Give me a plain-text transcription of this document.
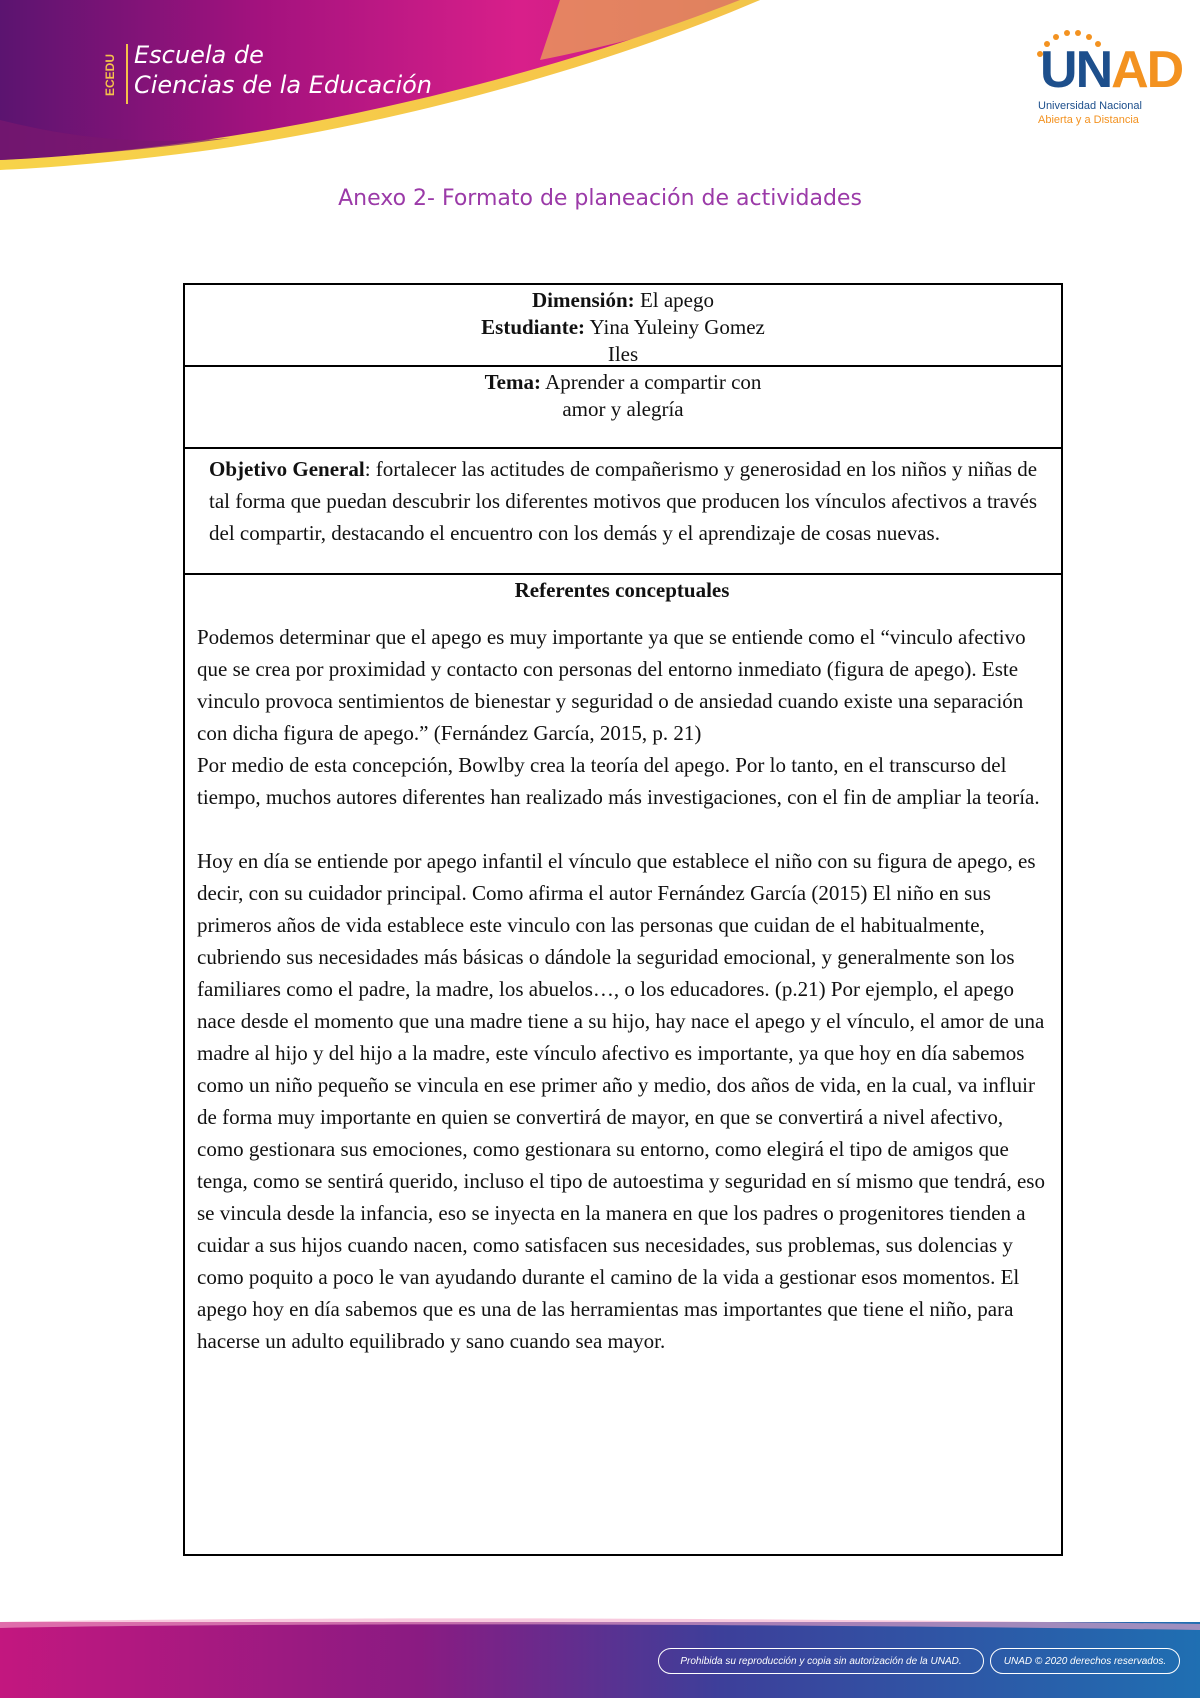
ECEDU Escuela de
Ciencias de la Educación	UNAD
Universidad Nacional
Abierta y a Distancia
Anexo 2- Formato de planeación de actividades
Dimensión: El apego
Estudiante: Yina Yuleiny Gomez
Iles
Tema: Aprender a compartir con
amor y alegría

Objetivo General: fortalecer las actitudes de compañerismo y generosidad en los niños y niñas de tal forma que puedan descubrir los diferentes motivos que producen los vínculos afectivos a través del compartir, destacando el encuentro con los demás y el aprendizaje de cosas nuevas.

Referentes conceptuales

Podemos determinar que el apego es muy importante ya que se entiende como el “vinculo afectivo que se crea por proximidad y contacto con personas del entorno inmediato (figura de apego). Este vinculo provoca sentimientos de bienestar y seguridad o de ansiedad cuando existe una separación con dicha figura de apego.” (Fernández García, 2015, p. 21)

Por medio de esta concepción, Bowlby crea la teoría del apego. Por lo tanto, en el transcurso del tiempo, muchos autores diferentes han realizado más investigaciones, con el fin de ampliar la teoría.

Hoy en día se entiende por apego infantil el vínculo que establece el niño con su figura de apego, es decir, con su cuidador principal. Como afirma el autor Fernández García (2015) El niño en sus primeros años de vida establece este vinculo con las personas que cuidan de el habitualmente, cubriendo sus necesidades más básicas o dándole la seguridad emocional, y generalmente son los familiares como el padre, la madre, los abuelos…, o los educadores. (p.21) Por ejemplo, el apego nace desde el momento que una madre tiene a su hijo, hay nace el apego y el vínculo, el amor de una madre al hijo y del hijo a la madre, este vínculo afectivo es importante, ya que hoy en día sabemos como un niño pequeño se vincula en ese primer año y medio, dos años de vida, en la cual, va influir de forma muy importante en quien se convertirá de mayor, en que se convertirá a nivel afectivo, como gestionara sus emociones, como gestionara su entorno, como elegirá el tipo de amigos que tenga, como se sentirá querido, incluso el tipo de autoestima y seguridad en sí mismo que tendrá, eso se vincula desde la infancia, eso se inyecta en la manera en que los padres o progenitores tienden a cuidar a sus hijos cuando nacen, como satisfacen sus necesidades, sus problemas, sus dolencias y como poquito a poco le van ayudando durante el camino de la vida a gestionar esos momentos. El apego hoy en día sabemos que es una de las herramientas mas importantes que tiene el niño, para hacerse un adulto equilibrado y sano cuando sea mayor.

Prohibida su reproducción y copia sin autorización de la UNAD.	UNAD © 2020 derechos reservados.
